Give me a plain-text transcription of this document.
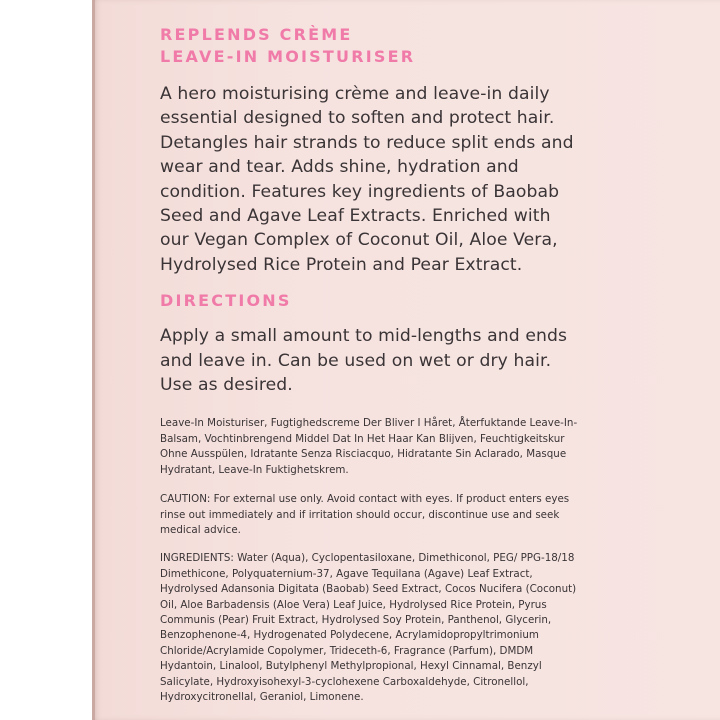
REPLENDS CRÈME

LEAVE-IN MOISTURISER

A hero moisturising crème and leave-in daily essential designed to soften and protect hair. Detangles hair strands to reduce split ends and wear and tear. Adds shine, hydration and condition. Features key ingredients of Baobab Seed and Agave Leaf Extracts. Enriched with our Vegan Complex of Coconut Oil, Aloe Vera, Hydrolysed Rice Protein and Pear Extract.

DIRECTIONS

Apply a small amount to mid-lengths and ends and leave in. Can be used on wet or dry hair. Use as desired.

Leave-In Moisturiser, Fugtighedscreme Der Bliver I Håret, Återfuktande Leave-In-Balsam, Vochtinbrengend Middel Dat In Het Haar Kan Blijven, Feuchtigkeitskur Ohne Ausspülen, Idratante Senza Risciacquo, Hidratante Sin Aclarado, Masque Hydratant, Leave-In Fuktighetskrem.

CAUTION: For external use only. Avoid contact with eyes. If product enters eyes rinse out immediately and if irritation should occur, discontinue use and seek medical advice.

INGREDIENTS: Water (Aqua), Cyclopentasiloxane, Dimethiconol, PEG/ PPG-18/18 Dimethicone, Polyquaternium-37, Agave Tequilana (Agave) Leaf Extract, Hydrolysed Adansonia Digitata (Baobab) Seed Extract, Cocos Nucifera (Coconut) Oil, Aloe Barbadensis (Aloe Vera) Leaf Juice, Hydrolysed Rice Protein, Pyrus Communis (Pear) Fruit Extract, Hydrolysed Soy Protein, Panthenol, Glycerin, Benzophenone-4, Hydrogenated Polydecene, Acrylamidopropyltrimonium Chloride/Acrylamide Copolymer, Trideceth-6, Fragrance (Parfum), DMDM Hydantoin, Linalool, Butylphenyl Methylpropional, Hexyl Cinnamal, Benzyl Salicylate, Hydroxyisohexyl-3-cyclohexene Carboxaldehyde, Citronellol, Hydroxycitronellal, Geraniol, Limonene.
